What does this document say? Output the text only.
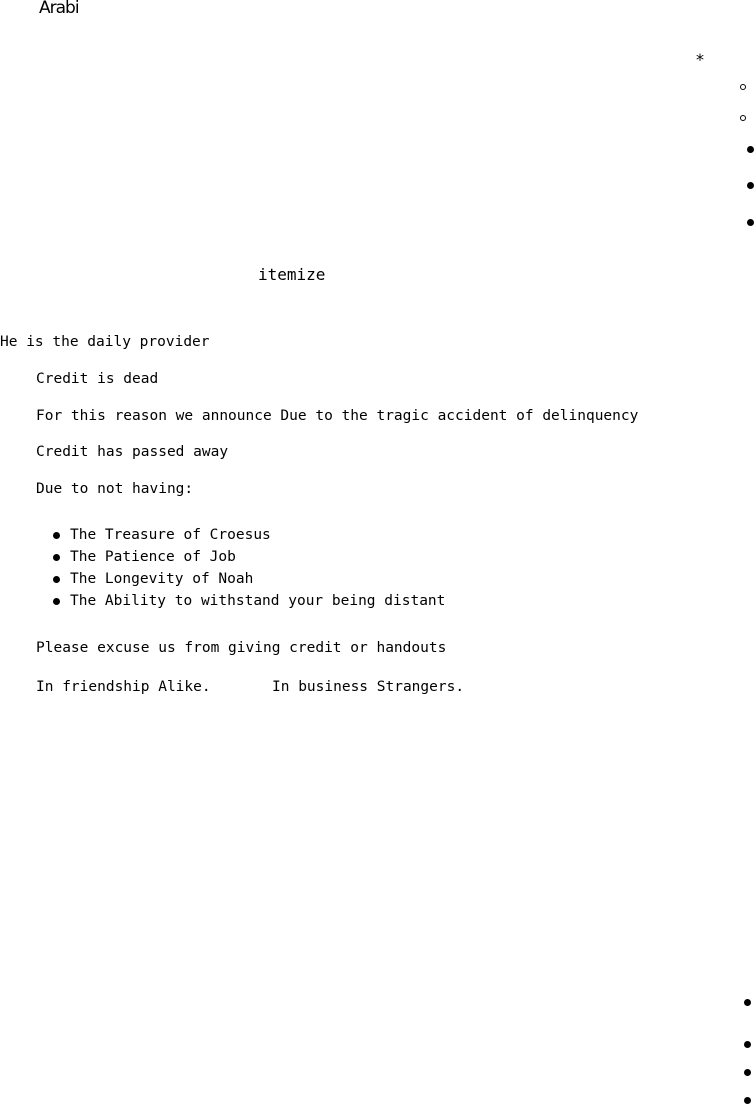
Arabi
*
itemize
He is the daily provider
Credit is dead
For this reason we announce Due to the tragic accident of delinquency
Credit has passed away
Due to not having:
The Treasure of Croesus
The Patience of Job
The Longevity of Noah
The Ability to withstand your being distant
Please excuse us from giving credit or handouts
In friendship Alike.	In business Strangers.
